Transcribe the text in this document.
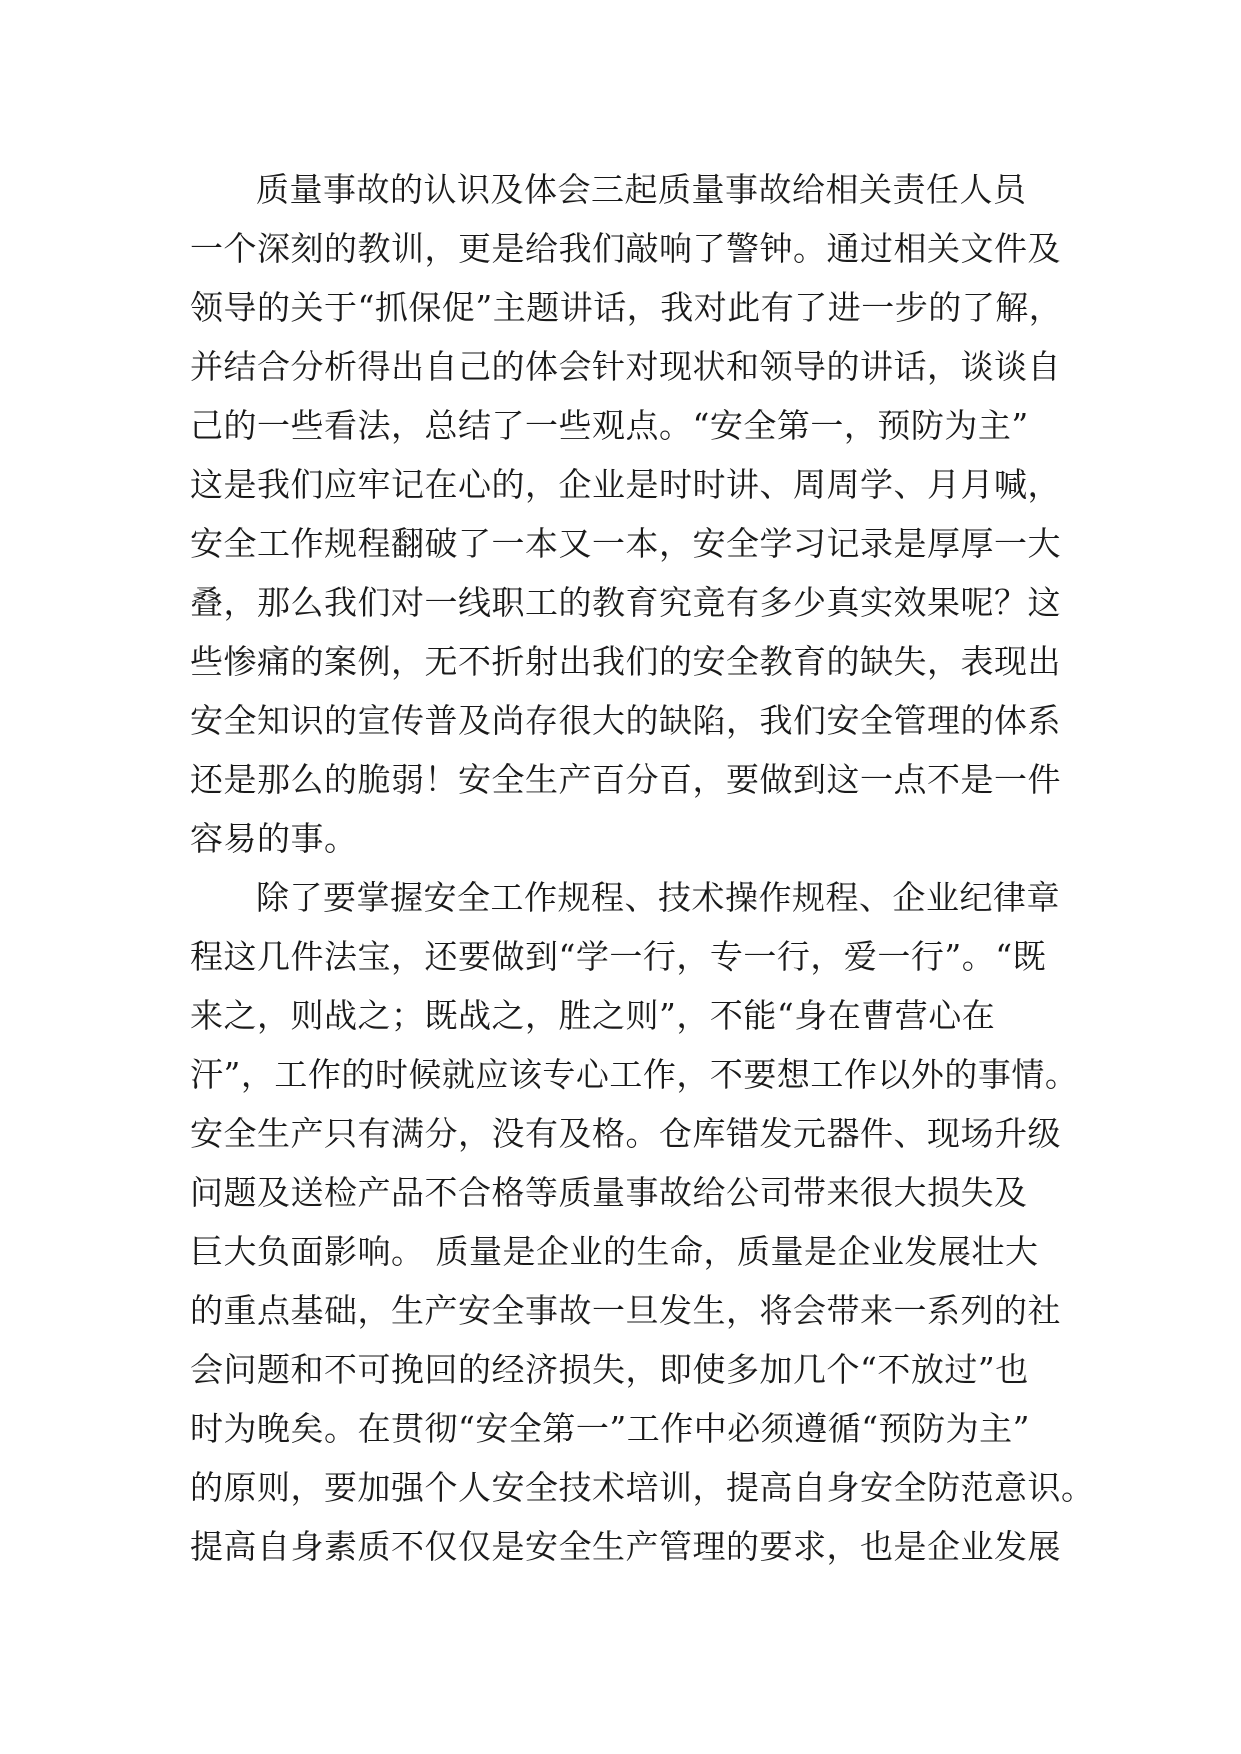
质量事故的认识及体会三起质量事故给相关责任人员
一个深刻的教训，更是给我们敲响了警钟。通过相关文件及
领导的关于“抓保促”主题讲话，我对此有了进一步的了解，
并结合分析得出自己的体会针对现状和领导的讲话，谈谈自
己的一些看法，总结了一些观点。“安全第一，预防为主”
这是我们应牢记在心的，企业是时时讲、周周学、月月喊，
安全工作规程翻破了一本又一本，安全学习记录是厚厚一大
叠，那么我们对一线职工的教育究竟有多少真实效果呢？这
些惨痛的案例，无不折射出我们的安全教育的缺失，表现出
安全知识的宣传普及尚存很大的缺陷，我们安全管理的体系
还是那么的脆弱！安全生产百分百，要做到这一点不是一件
容易的事。
除了要掌握安全工作规程、技术操作规程、企业纪律章
程这几件法宝，还要做到“学一行，专一行，爱一行”。“既
来之，则战之；既战之，胜之则”，不能“身在曹营心在
汗”，工作的时候就应该专心工作，不要想工作以外的事情。
安全生产只有满分，没有及格。仓库错发元器件、现场升级
问题及送检产品不合格等质量事故给公司带来很大损失及
巨大负面影响。 质量是企业的生命，质量是企业发展壮大
的重点基础，生产安全事故一旦发生，将会带来一系列的社
会问题和不可挽回的经济损失，即使多加几个“不放过”也
时为晚矣。在贯彻“安全第一”工作中必须遵循“预防为主”
的原则，要加强个人安全技术培训，提高自身安全防范意识。
提高自身素质不仅仅是安全生产管理的要求，也是企业发展
